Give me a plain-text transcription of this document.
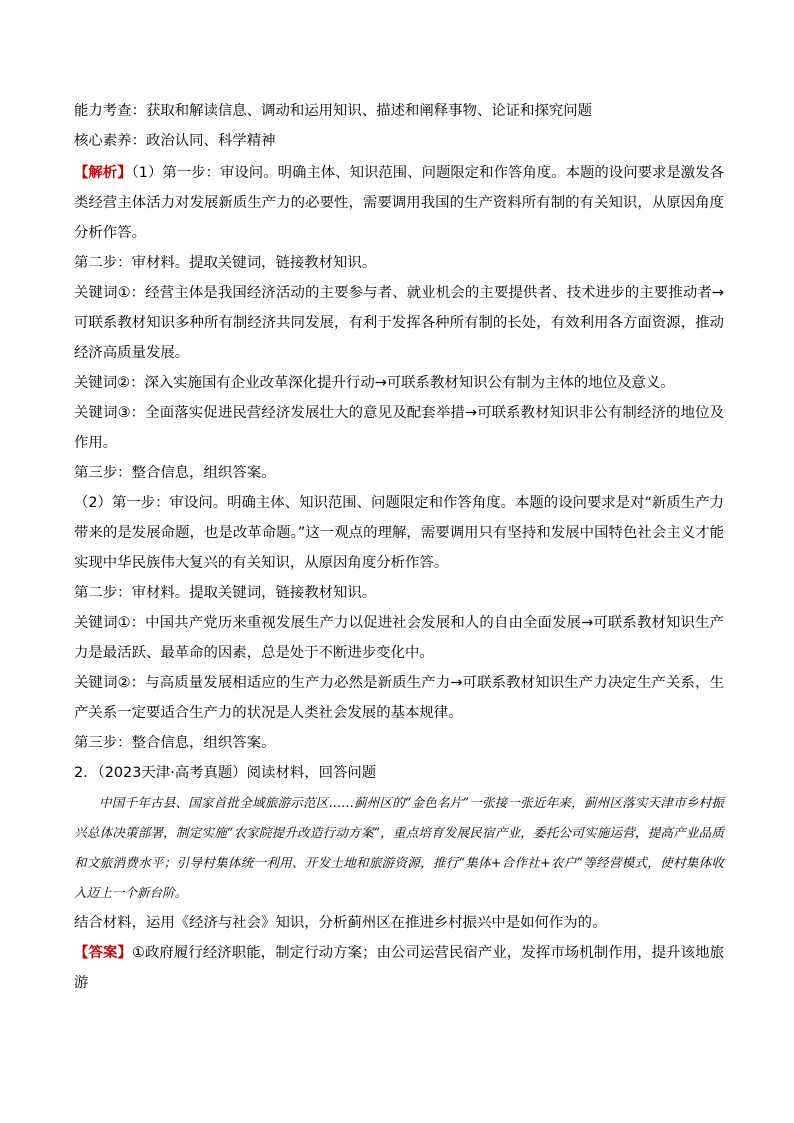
能力考查：获取和解读信息、调动和运用知识、描述和阐释事物、论证和探究问题

核心素养：政治认同、科学精神

【解析】（1）第一步：审设问。明确主体、知识范围、问题限定和作答角度。本题的设问要求是激发各类经营主体活力对发展新质生产力的必要性，需要调用我国的生产资料所有制的有关知识，从原因角度分析作答。

第二步：审材料。提取关键词，链接教材知识。

关键词①：经营主体是我国经济活动的主要参与者、就业机会的主要提供者、技术进步的主要推动者→可联系教材知识多种所有制经济共同发展，有利于发挥各种所有制的长处，有效利用各方面资源，推动经济高质量发展。

关键词②：深入实施国有企业改革深化提升行动→可联系教材知识公有制为主体的地位及意义。

关键词③：全面落实促进民营经济发展壮大的意见及配套举措→可联系教材知识非公有制经济的地位及作用。

第三步：整合信息，组织答案。

（2）第一步：审设问。明确主体、知识范围、问题限定和作答角度。本题的设问要求是对“新质生产力带来的是发展命题，也是改革命题。”这一观点的理解，需要调用只有坚持和发展中国特色社会主义才能实现中华民族伟大复兴的有关知识，从原因角度分析作答。

第二步：审材料。提取关键词，链接教材知识。

关键词①：中国共产党历来重视发展生产力以促进社会发展和人的自由全面发展→可联系教材知识生产力是最活跃、最革命的因素，总是处于不断进步变化中。

关键词②：与高质量发展相适应的生产力必然是新质生产力→可联系教材知识生产力决定生产关系，生产关系一定要适合生产力的状况是人类社会发展的基本规律。

第三步：整合信息，组织答案。

2．（2023天津·高考真题）阅读材料，回答问题

中国千年古县、国家首批全域旅游示范区……蓟州区的“金色名片”一张接一张近年来，蓟州区落实天津市乡村振兴总体决策部署，制定实施“农家院提升改造行动方案”，重点培育发展民宿产业，委托公司实施运营，提高产业品质和文旅消费水平；引导村集体统一利用、开发土地和旅游资源，推行“集体+合作社+农户”等经营模式，使村集体收入迈上一个新台阶。

结合材料，运用《经济与社会》知识，分析蓟州区在推进乡村振兴中是如何作为的。

【答案】①政府履行经济职能，制定行动方案；由公司运营民宿产业，发挥市场机制作用，提升该地旅游
